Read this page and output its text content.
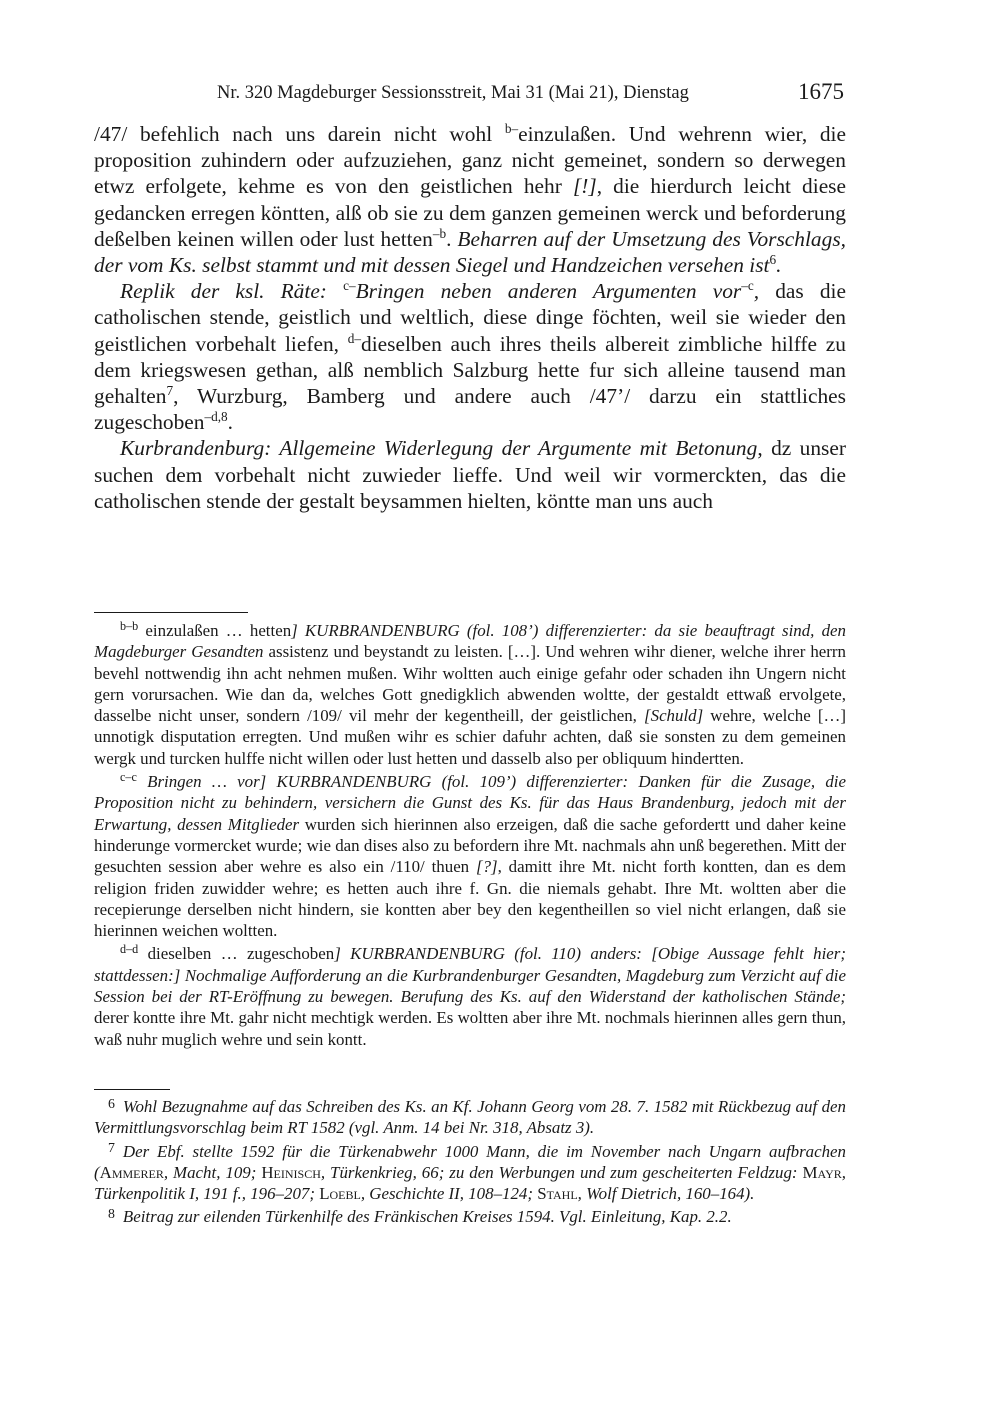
Nr. 320 Magdeburger Sessionsstreit, Mai 31 (Mai 21), Dienstag	1675

/47/ befehlich nach uns darein nicht wohl $^{b-}$einzulaßen. Und wehrenn wier, die proposition zuhindern oder aufzuziehen, ganz nicht gemeinet, sondern so derwegen etwz erfolgete, kehme es von den geistlichen hehr [!], die hierdurch leicht diese gedancken erregen köntten, alß ob sie zu dem ganzen gemeinen werck und beforderung deßelben keinen willen oder lust hetten$^{-b}$. Beharren auf der Umsetzung des Vorschlags, der vom Ks. selbst stammt und mit dessen Siegel und Handzeichen versehen ist$^6$.

Replik der ksl. Räte: $^{c-}$Bringen neben anderen Argumenten vor$^{-c}$, das die catholischen stende, geistlich und weltlich, diese dinge föchten, weil sie wieder den geistlichen vorbehalt liefen, $^{d-}$dieselben auch ihres theils albereit zimbliche hilffe zu dem kriegswesen gethan, alß nemblich Salzburg hette fur sich alleine tausend man gehalten$^7$, Wurzburg, Bamberg und andere auch /47’/ darzu ein stattliches zugeschoben$^{-d,8}$.

Kurbrandenburg: Allgemeine Widerlegung der Argumente mit Betonung, dz unser suchen dem vorbehalt nicht zuwieder lieffe. Und weil wir vormerckten, das die catholischen stende der gestalt beysammen hielten, köntte man uns auch

$^{b-b}$ einzulaßen … hetten] KURBRANDENBURG (fol. 108’) differenzierter: da sie beauftragt sind, den Magdeburger Gesandten assistenz und beystandt zu leisten. […]. Und wehren wihr diener, welche ihrer herrn bevehl nottwendig ihn acht nehmen mußen. Wihr woltten auch einige gefahr oder schaden ihn Ungern nicht gern vorursachen. Wie dan da, welches Gott gnedigklich abwenden woltte, der gestaldt ettwaß ervolgete, dasselbe nicht unser, sondern /109/ vil mehr der kegentheill, der geistlichen, [Schuld] wehre, welche […] unnotigk disputation erregten. Und mußen wihr es schier dafuhr achten, daß sie sonsten zu dem gemeinen wergk und turcken hulffe nicht willen oder lust hetten und dasselb also per obliquum hindertten.

$^{c-c}$ Bringen … vor] KURBRANDENBURG (fol. 109’) differenzierter: Danken für die Zusage, die Proposition nicht zu behindern, versichern die Gunst des Ks. für das Haus Brandenburg, jedoch mit der Erwartung, dessen Mitglieder wurden sich hierinnen also erzeigen, daß die sache gefordertt und daher keine hinderunge vormercket wurde; wie dan dises also zu befordern ihre Mt. nachmals ahn unß begerethen. Mitt der gesuchten session aber wehre es also ein /110/ thuen [?], damitt ihre Mt. nicht forth kontten, dan es dem religion friden zuwidder wehre; es hetten auch ihre f. Gn. die niemals gehabt. Ihre Mt. woltten aber die recepierunge derselben nicht hindern, sie kontten aber bey den kegentheillen so viel nicht erlangen, daß sie hierinnen weichen woltten.

$^{d-d}$ dieselben … zugeschoben] KURBRANDENBURG (fol. 110) anders: [Obige Aussage fehlt hier; stattdessen:] Nochmalige Aufforderung an die Kurbrandenburger Gesandten, Magdeburg zum Verzicht auf die Session bei der RT-Eröffnung zu bewegen. Berufung des Ks. auf den Widerstand der katholischen Stände; derer kontte ihre Mt. gahr nicht mechtigk werden. Es woltten aber ihre Mt. nochmals hierinnen alles gern thun, waß nuhr muglich wehre und sein kontt.

$^6$ Wohl Bezugnahme auf das Schreiben des Ks. an Kf. Johann Georg vom 28. 7. 1582 mit Rückbezug auf den Vermittlungsvorschlag beim RT 1582 (vgl. Anm. 14 bei Nr. 318, Absatz 3).

$^7$ Der Ebf. stellte 1592 für die Türkenabwehr 1000 Mann, die im November nach Ungarn aufbrachen (Ammerer, Macht, 109; Heinisch, Türkenkrieg, 66; zu den Werbungen und zum gescheiterten Feldzug: Mayr, Türkenpolitik I, 191 f., 196–207; Loebl, Geschichte II, 108–124; Stahl, Wolf Dietrich, 160–164).

$^8$ Beitrag zur eilenden Türkenhilfe des Fränkischen Kreises 1594. Vgl. Einleitung, Kap. 2.2.
